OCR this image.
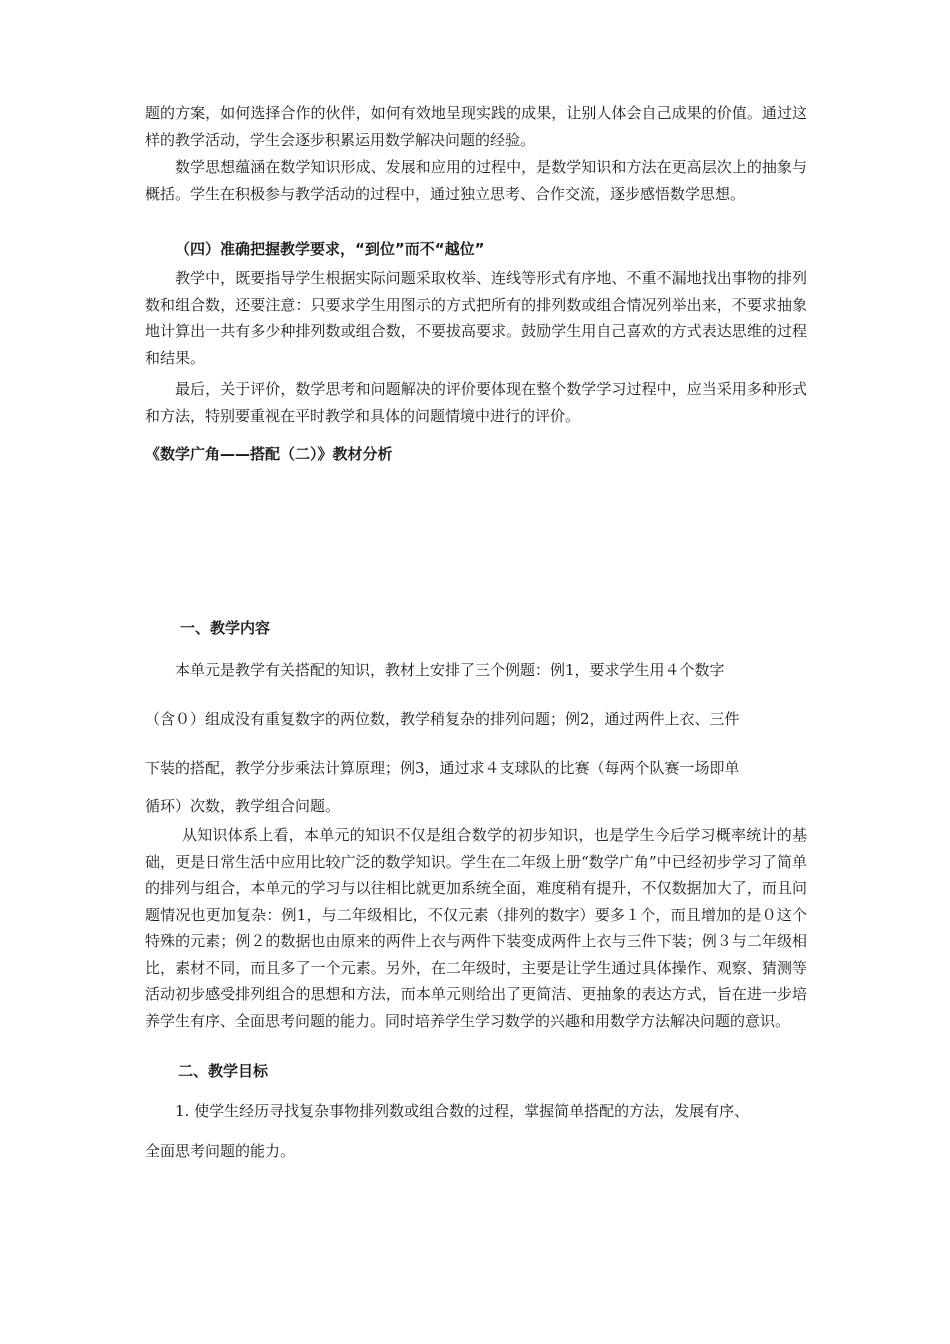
题的方案，如何选择合作的伙伴，如何有效地呈现实践的成果，让别人体会自己成果的价值。通过这样的教学活动，学生会逐步积累运用数学解决问题的经验。

数学思想蕴涵在数学知识形成、发展和应用的过程中，是数学知识和方法在更高层次上的抽象与概括。学生在积极参与教学活动的过程中，通过独立思考、合作交流，逐步感悟数学思想。

（四）准确把握教学要求，“到位”而不“越位”

教学中，既要指导学生根据实际问题采取枚举、连线等形式有序地、不重不漏地找出事物的排列数和组合数，还要注意：只要求学生用图示的方式把所有的排列数或组合情况列举出来，不要求抽象地计算出一共有多少种排列数或组合数，不要拔高要求。鼓励学生用自己喜欢的方式表达思维的过程和结果。

最后，关于评价，数学思考和问题解决的评价要体现在整个数学学习过程中，应当采用多种形式和方法，特别要重视在平时教学和具体的问题情境中进行的评价。

《数学广角——搭配（二）》教材分析

一、教学内容

本单元是教学有关搭配的知识，教材上安排了三个例题：例1，要求学生用４个数字

（含０）组成没有重复数字的两位数，教学稍复杂的排列问题；例2，通过两件上衣、三件

下装的搭配，教学分步乘法计算原理；例3，通过求４支球队的比赛（每两个队赛一场即单

循环）次数，教学组合问题。

从知识体系上看，本单元的知识不仅是组合数学的初步知识，也是学生今后学习概率统计的基础，更是日常生活中应用比较广泛的数学知识。学生在二年级上册“数学广角”中已经初步学习了简单的排列与组合，本单元的学习与以往相比就更加系统全面，难度稍有提升，不仅数据加大了，而且问题情况也更加复杂：例1，与二年级相比，不仅元素（排列的数字）要多１个，而且增加的是０这个特殊的元素；例２的数据也由原来的两件上衣与两件下装变成两件上衣与三件下装；例３与二年级相比，素材不同，而且多了一个元素。另外，在二年级时，主要是让学生通过具体操作、观察、猜测等活动初步感受排列组合的思想和方法，而本单元则给出了更简洁、更抽象的表达方式，旨在进一步培养学生有序、全面思考问题的能力。同时培养学生学习数学的兴趣和用数学方法解决问题的意识。

二、教学目标

1. 使学生经历寻找复杂事物排列数或组合数的过程，掌握简单搭配的方法，发展有序、

全面思考问题的能力。
